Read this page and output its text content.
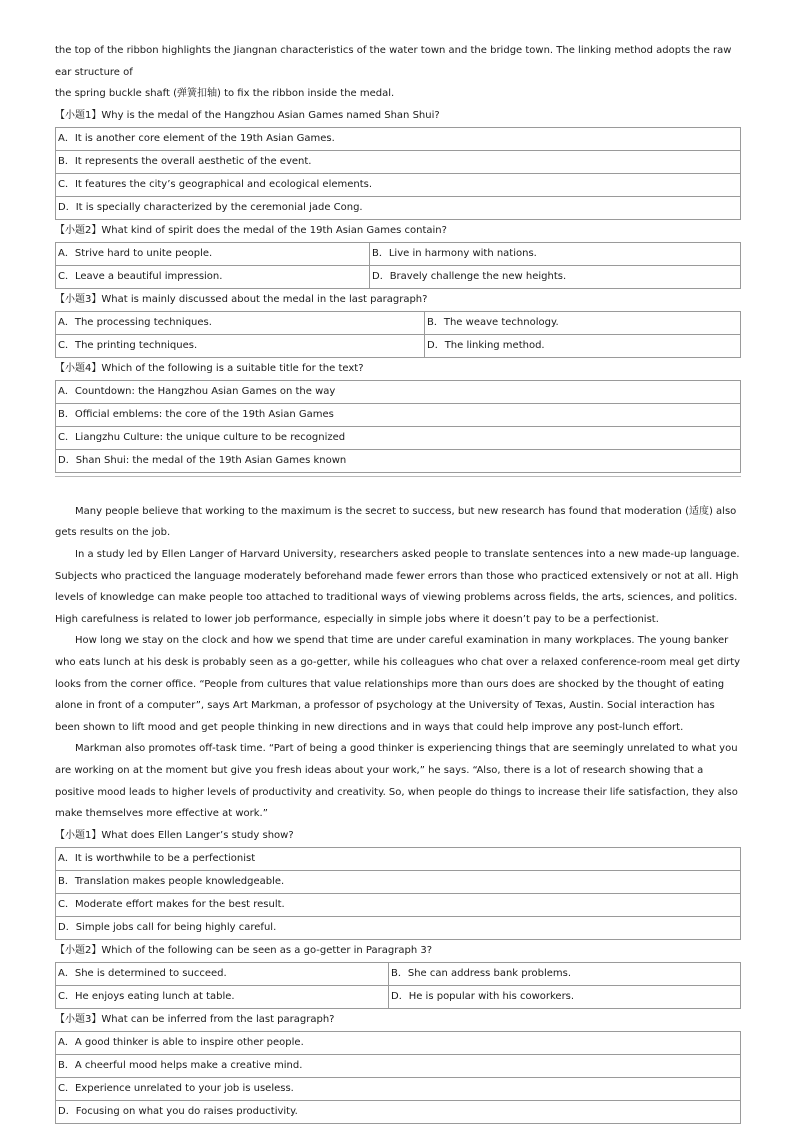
the top of the ribbon highlights the Jiangnan characteristics of the water town and the bridge town. The linking method adopts the raw ear structure of

the spring buckle shaft (弹簧扣轴) to fix the ribbon inside the medal.

【小题1】Why is the medal of the Hangzhou Asian Games named Shan Shui?
A．It is another core element of the 19th Asian Games.
B．It represents the overall aesthetic of the event.
C．It features the city’s geographical and ecological elements.
D．It is specially characterized by the ceremonial jade Cong.
【小题2】What kind of spirit does the medal of the 19th Asian Games contain?
A．Strive hard to unite people.	B．Live in harmony with nations.
C．Leave a beautiful impression.	D．Bravely challenge the new heights.
【小题3】What is mainly discussed about the medal in the last paragraph?
A．The processing techniques.	B．The weave technology.
C．The printing techniques.	D．The linking method.
【小题4】Which of the following is a suitable title for the text?
A．Countdown: the Hangzhou Asian Games on the way
B．Official emblems: the core of the 19th Asian Games
C．Liangzhu Culture: the unique culture to be recognized
D．Shan Shui: the medal of the 19th Asian Games known

Many people believe that working to the maximum is the secret to success, but new research has found that moderation (适度) also gets results on the job.

In a study led by Ellen Langer of Harvard University, researchers asked people to translate sentences into a new made-up language. Subjects who practiced the language moderately beforehand made fewer errors than those who practiced extensively or not at all. High levels of knowledge can make people too attached to traditional ways of viewing problems across fields, the arts, sciences, and politics. High carefulness is related to lower job performance, especially in simple jobs where it doesn’t pay to be a perfectionist.

How long we stay on the clock and how we spend that time are under careful examination in many workplaces. The young banker who eats lunch at his desk is probably seen as a go-getter, while his colleagues who chat over a relaxed conference-room meal get dirty looks from the corner office. “People from cultures that value relationships more than ours does are shocked by the thought of eating alone in front of a computer”, says Art Markman, a professor of psychology at the University of Texas, Austin. Social interaction has been shown to lift mood and get people thinking in new directions and in ways that could help improve any post-lunch effort.

Markman also promotes off-task time. “Part of being a good thinker is experiencing things that are seemingly unrelated to what you are working on at the moment but give you fresh ideas about your work,” he says. “Also, there is a lot of research showing that a positive mood leads to higher levels of productivity and creativity. So, when people do things to increase their life satisfaction, they also make themselves more effective at work.”

【小题1】What does Ellen Langer’s study show?
A．It is worthwhile to be a perfectionist
B．Translation makes people knowledgeable.
C．Moderate effort makes for the best result.
D．Simple jobs call for being highly careful.
【小题2】Which of the following can be seen as a go-getter in Paragraph 3?
A．She is determined to succeed.	B．She can address bank problems.
C．He enjoys eating lunch at table.	D．He is popular with his coworkers.
【小题3】What can be inferred from the last paragraph?
A．A good thinker is able to inspire other people.
B．A cheerful mood helps make a creative mind.
C．Experience unrelated to your job is useless.
D．Focusing on what you do raises productivity.
